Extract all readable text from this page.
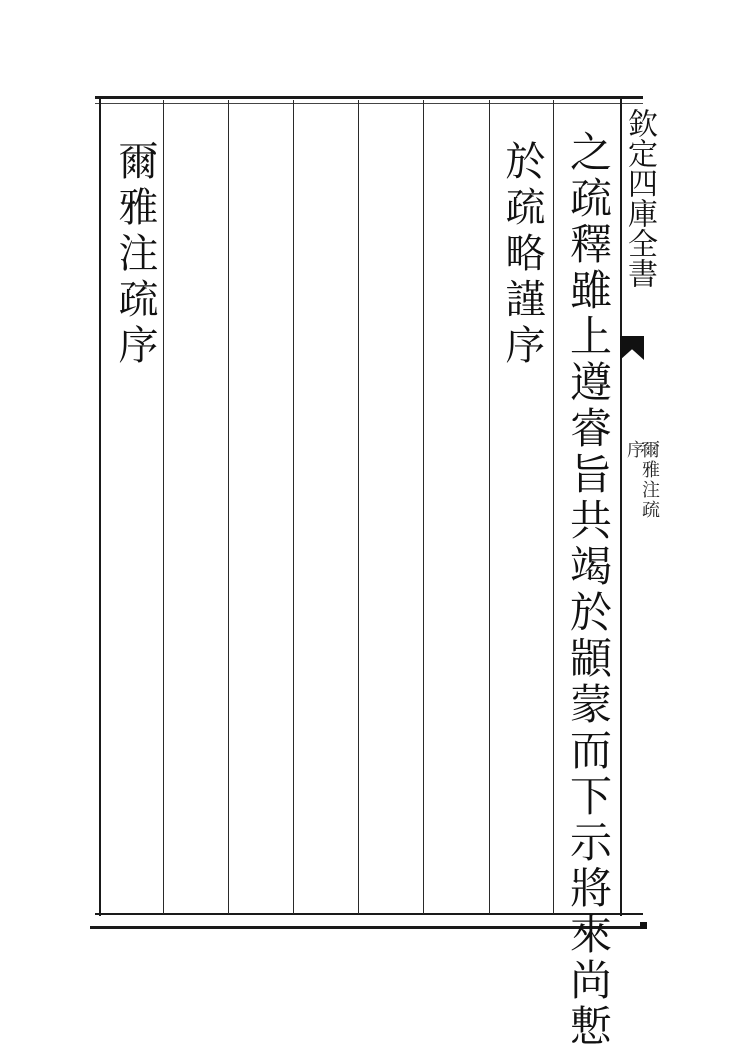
之疏釋雖上遵睿旨共竭於顓蒙而下示將來尚慙
於疏略謹序
爾雅注疏序	欽定四庫全書
序
爾雅注疏
